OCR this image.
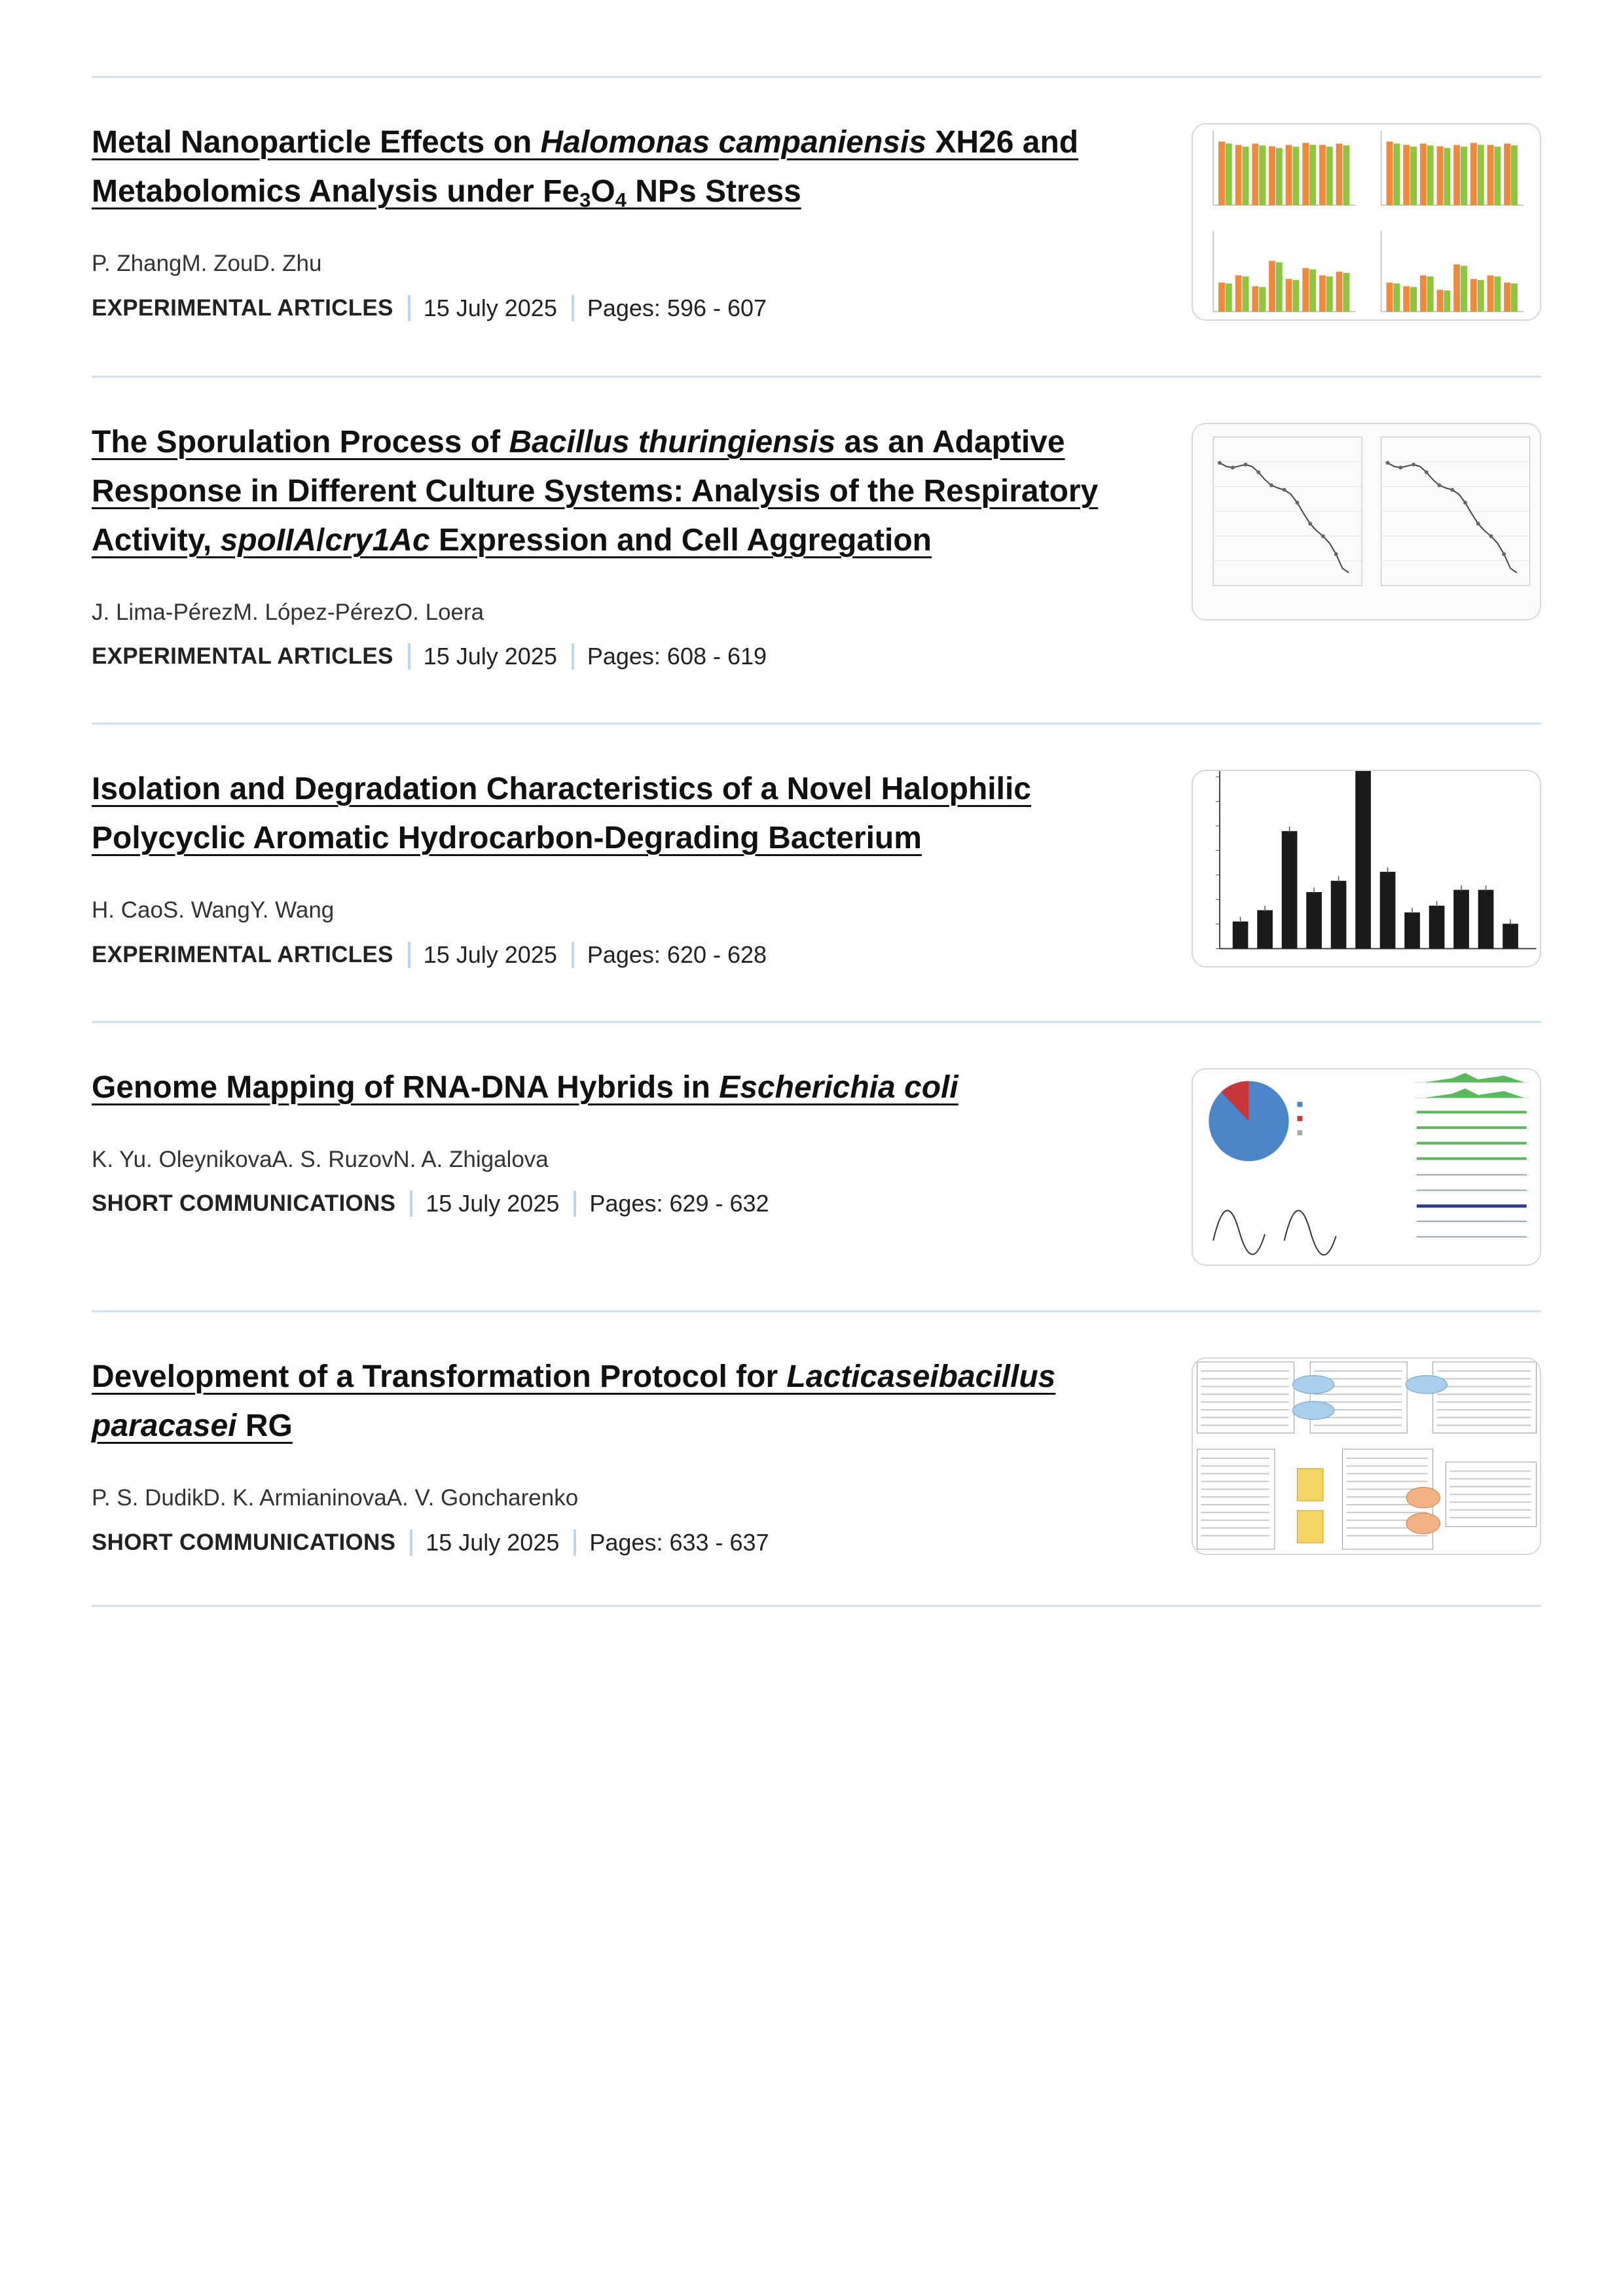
Metal Nanoparticle Effects on Halomonas campaniensis XH26 and Metabolomics Analysis under $Fe_3O_4$ NPs Stress
P. ZhangM. ZouD. Zhu
EXPERIMENTAL ARTICLES 15 July 2025 Pages: 596 - 607
The Sporulation Process of Bacillus thuringiensis as an Adaptive Response in Different Culture Systems: Analysis of the Respiratory Activity, spoIIA/cry1Ac Expression and Cell Aggregation
J. Lima-PérezM. López-PérezO. Loera
EXPERIMENTAL ARTICLES 15 July 2025 Pages: 608 - 619
Isolation and Degradation Characteristics of a Novel Halophilic Polycyclic Aromatic Hydrocarbon-Degrading Bacterium
H. CaoS. WangY. Wang
EXPERIMENTAL ARTICLES 15 July 2025 Pages: 620 - 628
Genome Mapping of RNA-DNA Hybrids in Escherichia coli
K. Yu. OleynikovaA. S. RuzovN. A. Zhigalova
SHORT COMMUNICATIONS 15 July 2025 Pages: 629 - 632
Development of a Transformation Protocol for Lacticaseibacillus paracasei RG
P. S. DudikD. K. ArmianinovaA. V. Goncharenko
SHORT COMMUNICATIONS 15 July 2025 Pages: 633 - 637
